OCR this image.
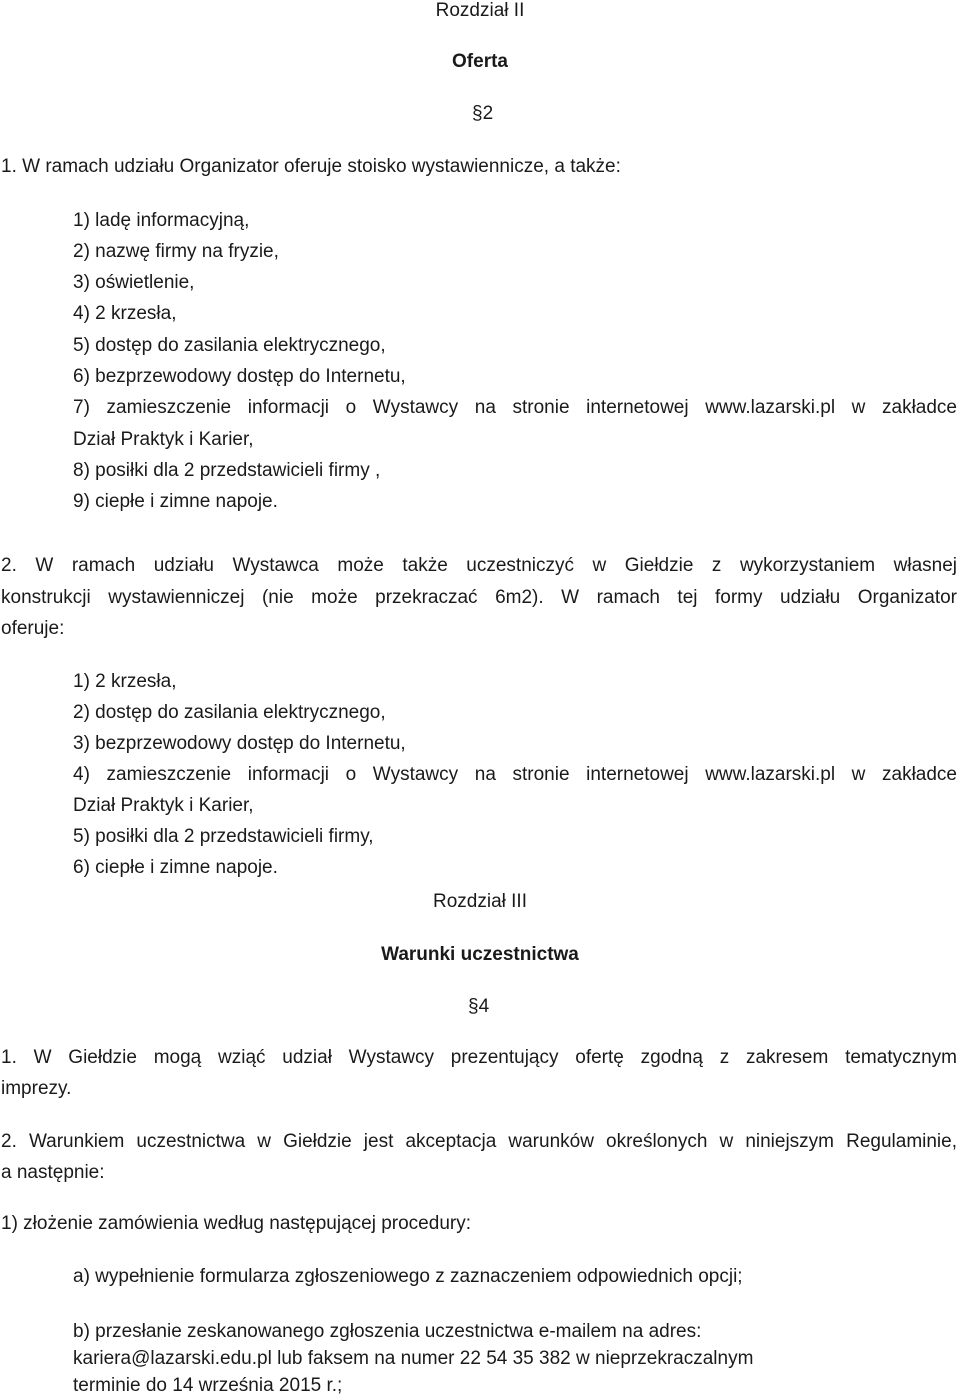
Rozdział II
Oferta
§2
1. W ramach udziału Organizator oferuje stoisko wystawiennicze, a także:
1) ladę informacyjną,
2) nazwę firmy na fryzie,
3) oświetlenie,
4) 2 krzesła,
5) dostęp do zasilania elektrycznego,
6) bezprzewodowy dostęp do Internetu,
7) zamieszczenie informacji o Wystawcy na stronie internetowej www.lazarski.pl w zakładce
Dział Praktyk i Karier,
8) posiłki dla 2 przedstawicieli firmy ,
9) ciepłe i zimne napoje.
2. W ramach udziału Wystawca może także uczestniczyć w Giełdzie z wykorzystaniem własnej
konstrukcji wystawienniczej (nie może przekraczać 6m2). W ramach tej formy udziału Organizator
oferuje:
1) 2 krzesła,
2) dostęp do zasilania elektrycznego,
3) bezprzewodowy dostęp do Internetu,
4) zamieszczenie informacji o Wystawcy na stronie internetowej www.lazarski.pl w zakładce
Dział Praktyk i Karier,
5) posiłki dla 2 przedstawicieli firmy,
6) ciepłe i zimne napoje.
Rozdział III
Warunki uczestnictwa
§4
1. W Giełdzie mogą wziąć udział Wystawcy prezentujący ofertę zgodną z zakresem tematycznym
imprezy.
2. Warunkiem uczestnictwa w Giełdzie jest akceptacja warunków określonych w niniejszym Regulaminie,
a następnie:
1) złożenie zamówienia według następującej procedury:
a) wypełnienie formularza zgłoszeniowego z zaznaczeniem odpowiednich opcji;
b) przesłanie zeskanowanego zgłoszenia uczestnictwa e-mailem na adres:
kariera@lazarski.edu.pl lub faksem na numer 22 54 35 382 w nieprzekraczalnym
terminie do 14 września 2015 r.;
